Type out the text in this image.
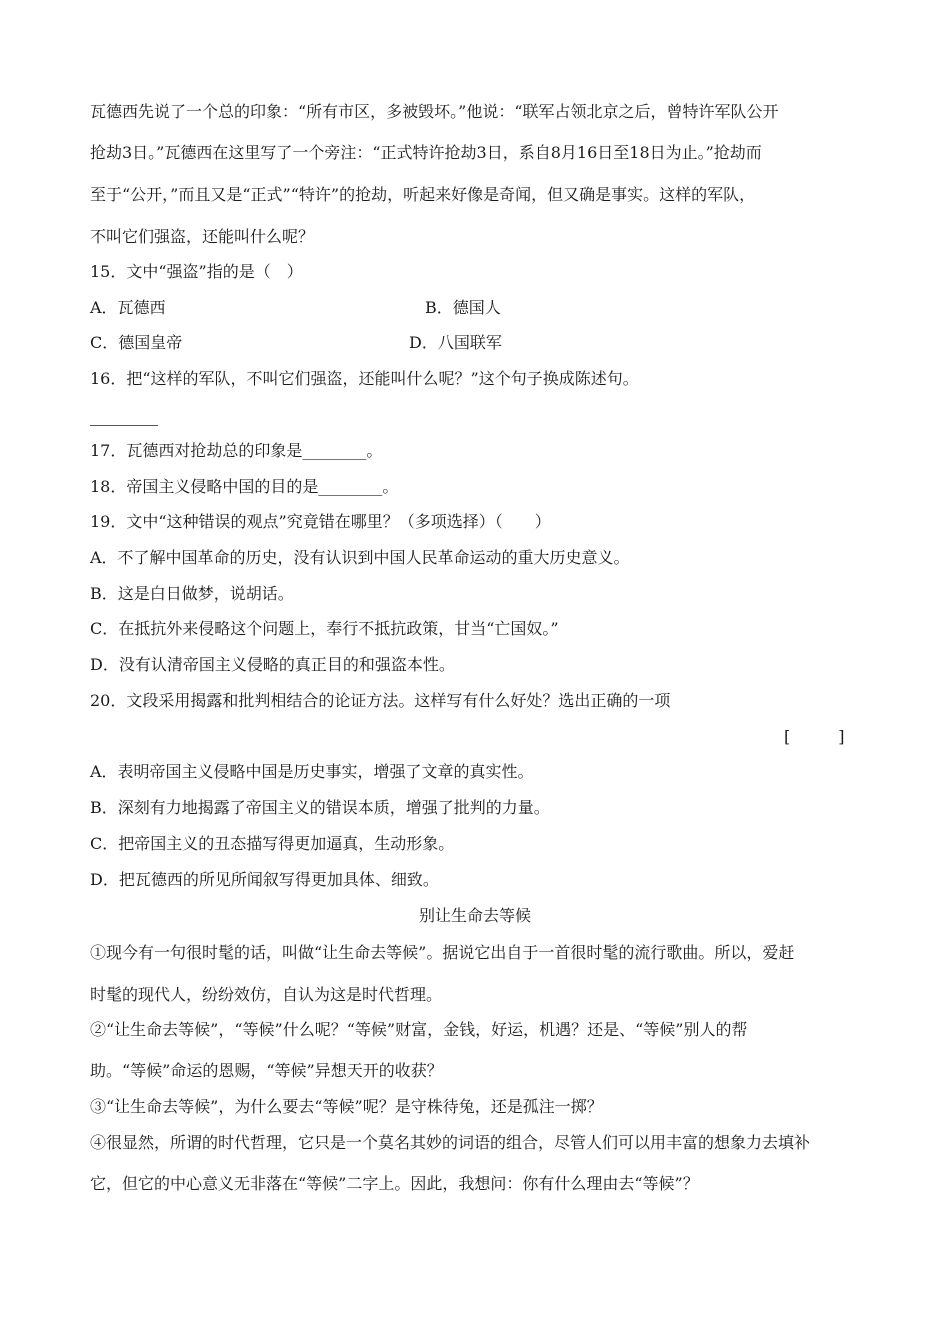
瓦德西先说了一个总的印象：“所有市区，多被毁坏。”他说：“联军占领北京之后，曾特许军队公开
抢劫3日。”瓦德西在这里写了一个旁注：“正式特许抢劫3日，系自8月16日至18日为止。”抢劫而
至于“公开，”而且又是“正式”“特许”的抢劫，听起来好像是奇闻，但又确是事实。这样的军队，
不叫它们强盗，还能叫什么呢？
15．文中“强盗”指的是（　）
A．瓦德西	B．德国人
C．德国皇帝	D．八国联军
16．把“这样的军队，不叫它们强盗，还能叫什么呢？”这个句子换成陈述句。
17．瓦德西对抢劫总的印象是________。
18．帝国主义侵略中国的目的是________。
19．文中“这种错误的观点”究竟错在哪里？（多项选择）（　　）
A．不了解中国革命的历史，没有认识到中国人民革命运动的重大历史意义。
B．这是白日做梦，说胡话。
C．在抵抗外来侵略这个问题上，奉行不抵抗政策，甘当“亡国奴。”
D．没有认清帝国主义侵略的真正目的和强盗本性。
20．文段采用揭露和批判相结合的论证方法。这样写有什么好处？选出正确的一项
[　　　]
A．表明帝国主义侵略中国是历史事实，增强了文章的真实性。
B．深刻有力地揭露了帝国主义的错误本质，增强了批判的力量。
C．把帝国主义的丑态描写得更加逼真，生动形象。
D．把瓦德西的所见所闻叙写得更加具体、细致。
别让生命去等候
①现今有一句很时髦的话，叫做“让生命去等候”。据说它出自于一首很时髦的流行歌曲。所以，爱赶
时髦的现代人，纷纷效仿，自认为这是时代哲理。
②“让生命去等候”，“等候”什么呢？“等候”财富，金钱，好运，机遇？还是、“等候”别人的帮
助。“等候”命运的恩赐，“等候”异想天开的收获？
③“让生命去等候”，为什么要去“等候”呢？是守株待兔，还是孤注一掷？
④很显然，所谓的时代哲理，它只是一个莫名其妙的词语的组合，尽管人们可以用丰富的想象力去填补
它，但它的中心意义无非落在“等候”二字上。因此，我想问：你有什么理由去“等候”？
